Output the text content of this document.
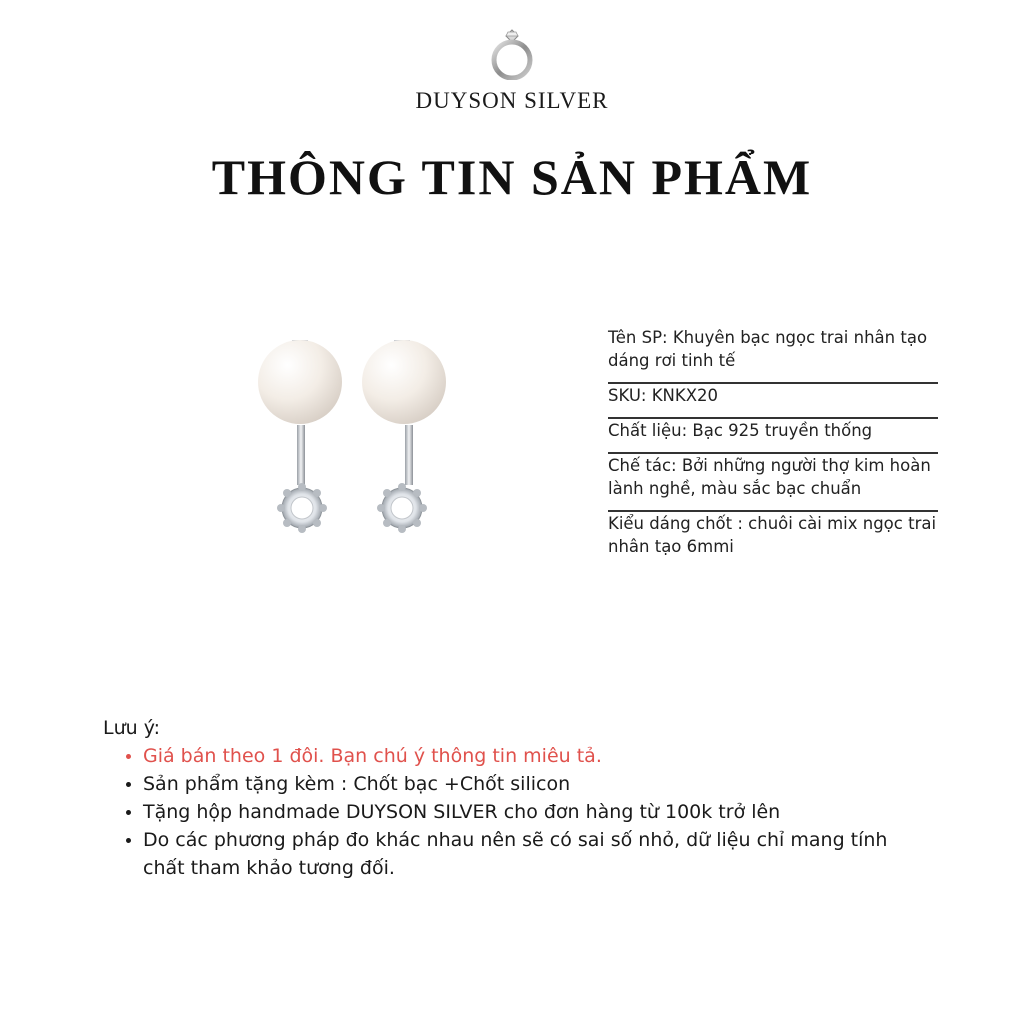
DUYSON SILVER
THÔNG TIN SẢN PHẨM
Tên SP: Khuyên bạc ngọc trai nhân tạo dáng rơi tinh tế
SKU: KNKX20
Chất liệu: Bạc 925 truyền thống
Chế tác: Bởi những người thợ kim hoàn lành nghề, màu sắc bạc chuẩn
Kiểu dáng chốt : chuôi cài mix ngọc trai nhân tạo 6mmi
Lưu ý:
• Giá bán theo 1 đôi. Bạn chú ý thông tin miêu tả.
• Sản phẩm tặng kèm : Chốt bạc +Chốt silicon
• Tặng hộp handmade DUYSON SILVER cho đơn hàng từ 100k trở lên
• Do các phương pháp đo khác nhau nên sẽ có sai số nhỏ, dữ liệu chỉ mang tính chất tham khảo tương đối.
